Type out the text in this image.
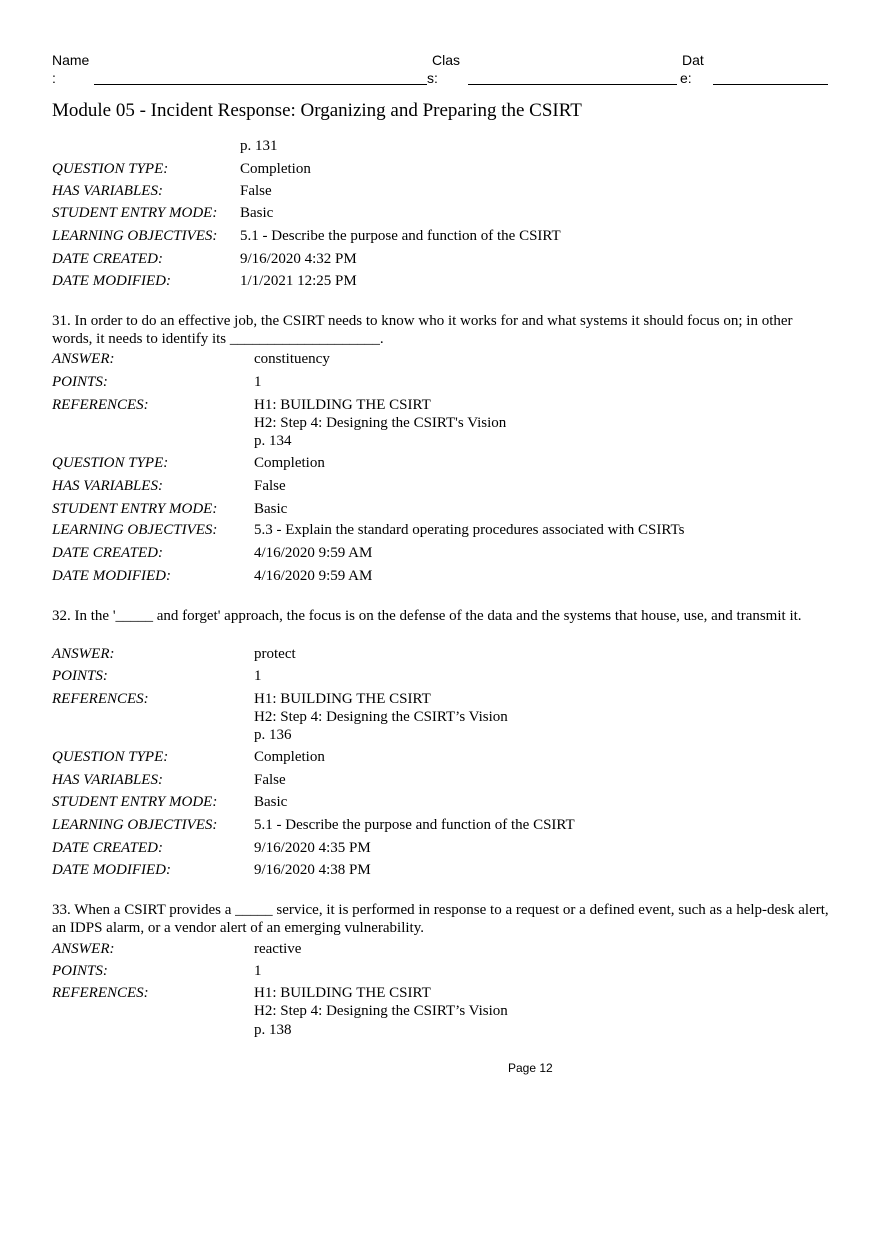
Name
:
Clas
s:
Dat
e:
Module 05 - Incident Response: Organizing and Preparing the CSIRT
p. 131
QUESTION TYPE:	Completion
HAS VARIABLES:	False
STUDENT ENTRY MODE: Basic
LEARNING OBJECTIVES: 5.1 - Describe the purpose and function of the CSIRT
DATE CREATED:	9/16/2020 4:32 PM
DATE MODIFIED:	1/1/2021 12:25 PM
31. In order to do an effective job, the CSIRT needs to know who it works for and what systems it should focus on; in other words, it needs to identify its ____________________.
ANSWER:	constituency
POINTS:	1
REFERENCES:	H1: BUILDING THE CSIRT
H2: Step 4: Designing the CSIRT's Vision
p. 134
QUESTION TYPE:	Completion
HAS VARIABLES:	False
STUDENT ENTRY MODE: Basic
LEARNING OBJECTIVES: 5.3 - Explain the standard operating procedures associated with CSIRTs
DATE CREATED:	4/16/2020 9:59 AM
DATE MODIFIED:	4/16/2020 9:59 AM
32. In the '_____ and forget' approach, the focus is on the defense of the data and the systems that house, use, and transmit it.
ANSWER:	protect
POINTS:	1
REFERENCES:	H1: BUILDING THE CSIRT
H2: Step 4: Designing the CSIRT’s Vision
p. 136
QUESTION TYPE:	Completion
HAS VARIABLES:	False
STUDENT ENTRY MODE: Basic
LEARNING OBJECTIVES: 5.1 - Describe the purpose and function of the CSIRT
DATE CREATED:	9/16/2020 4:35 PM
DATE MODIFIED:	9/16/2020 4:38 PM
33. When a CSIRT provides a _____ service, it is performed in response to a request or a defined event, such as a help-desk alert, an IDPS alarm, or a vendor alert of an emerging vulnerability.
ANSWER:	reactive
POINTS:	1
REFERENCES:	H1: BUILDING THE CSIRT
H2: Step 4: Designing the CSIRT’s Vision
p. 138
Page 12
